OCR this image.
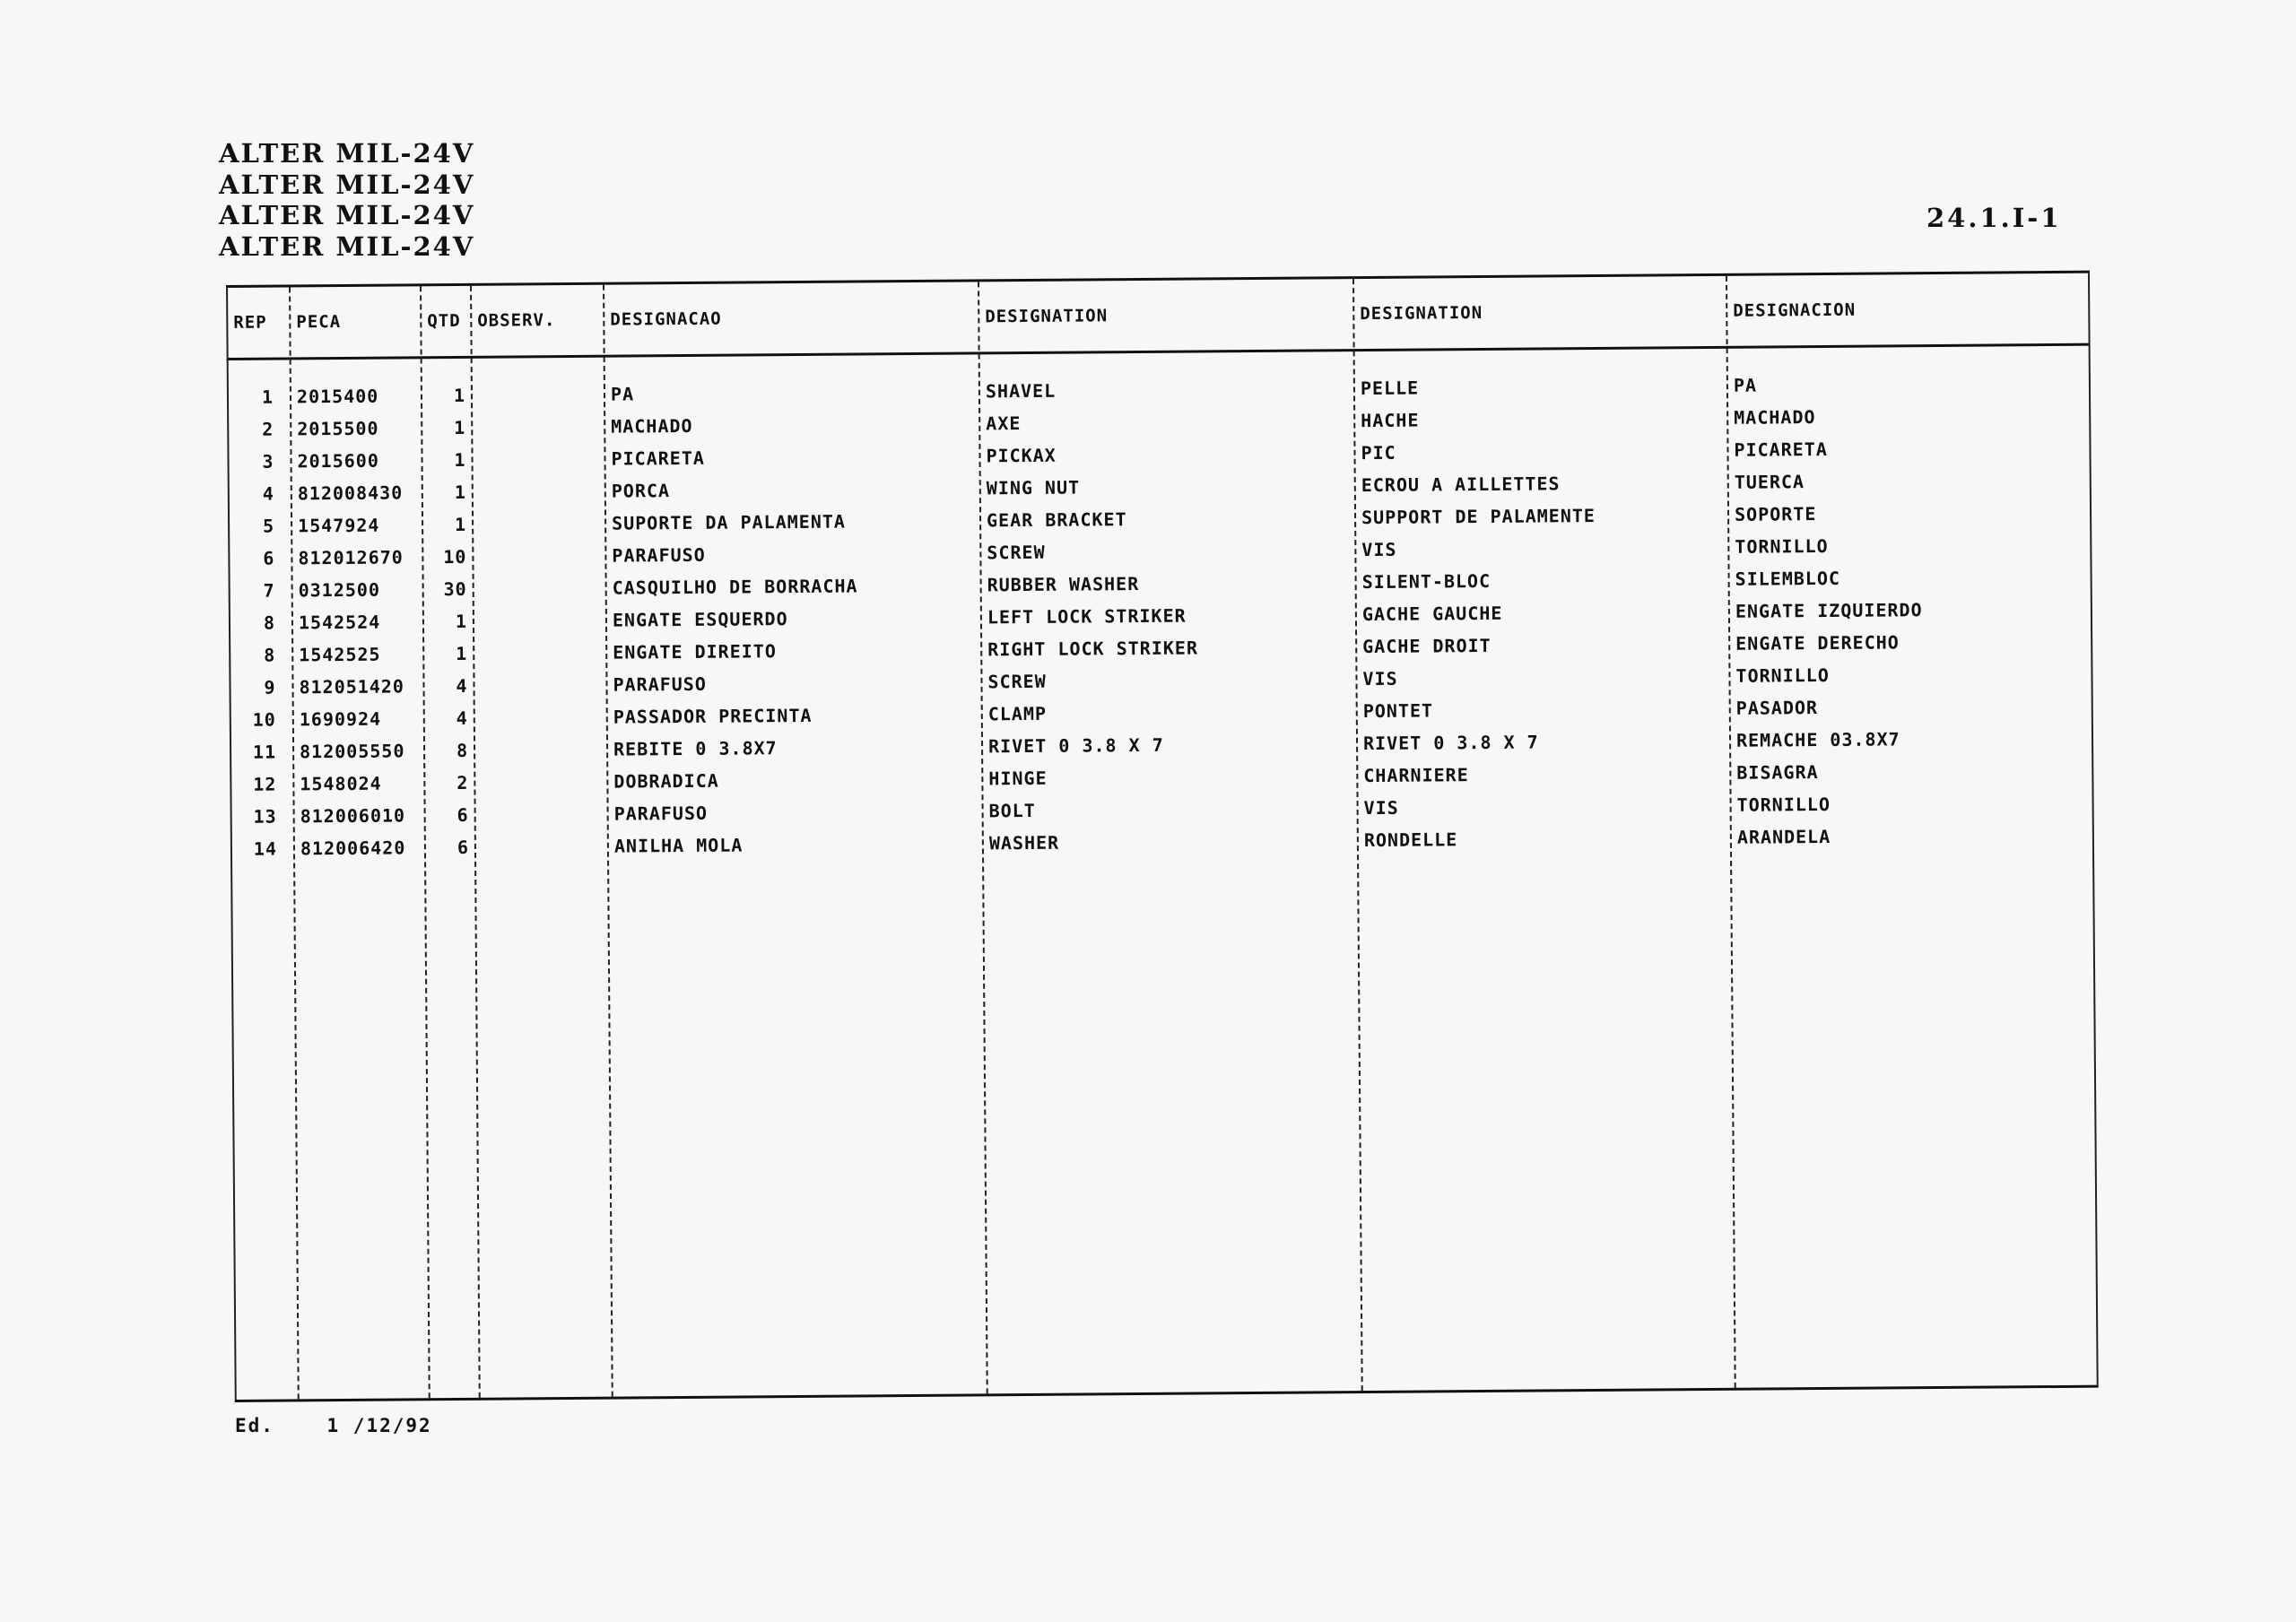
ALTER MIL-24V
ALTER MIL-24V
ALTER MIL-24V
ALTER MIL-24V
24.1.I-1
REP PECA	QTD OBSERV.	DESIGNACAO	DESIGNATION	DESIGNATION	DESIGNACION
1 2015400	1	PA	SHAVEL	PELLE	PA
2 2015500	1	MACHADO	AXE	HACHE	MACHADO
3 2015600	1	PICARETA	PICKAX	PIC	PICARETA
4 812008430	1	PORCA	WING NUT	ECROU A AILLETTES	TUERCA
5 1547924	1	SUPORTE DA PALAMENTA	GEAR BRACKET	SUPPORT DE PALAMENTE	SOPORTE
6 812012670	10	PARAFUSO	SCREW	VIS	TORNILLO
7 0312500	30	CASQUILHO DE BORRACHA	RUBBER WASHER	SILENT-BLOC	SILEMBLOC
8 1542524	1	ENGATE ESQUERDO	LEFT LOCK STRIKER	GACHE GAUCHE	ENGATE IZQUIERDO
8 1542525	1	ENGATE DIREITO	RIGHT LOCK STRIKER	GACHE DROIT	ENGATE DERECHO
9 812051420	4	PARAFUSO	SCREW	VIS	TORNILLO
10 1690924	4	PASSADOR PRECINTA	CLAMP	PONTET	PASADOR
11 812005550	8	REBITE 0 3.8X7	RIVET 0 3.8 X 7	RIVET 0 3.8 X 7	REMACHE 03.8X7
12 1548024	2	DOBRADICA	HINGE	CHARNIERE	BISAGRA
13 812006010	6	PARAFUSO	BOLT	VIS	TORNILLO
14 812006420	6	ANILHA MOLA	WASHER	RONDELLE	ARANDELA
Ed.	1 /12/92
